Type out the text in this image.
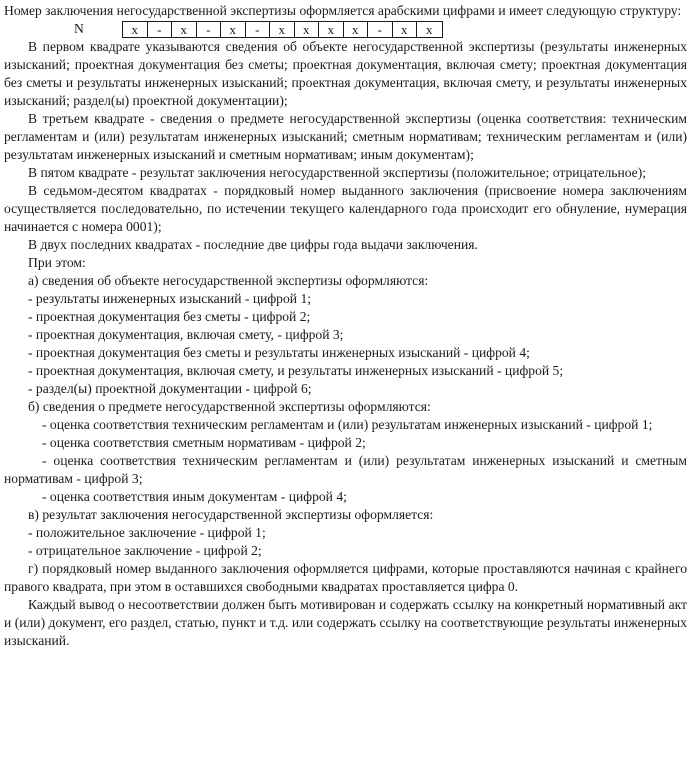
Номер заключения негосударственной экспертизы оформляется арабскими цифрами и имеет следующую структуру:

N	x	-	x	-	x	-	x	x	x	x	-	x	x

В первом квадрате указываются сведения об объекте негосударственной экспертизы (результаты инженерных изысканий; проектная документация без сметы; проектная документация, включая смету; проектная документация без сметы и результаты инженерных изысканий; проектная документация, включая смету, и результаты инженерных изысканий; раздел(ы) проектной документации);

В третьем квадрате - сведения о предмете негосударственной экспертизы (оценка соответствия: техническим регламентам и (или) результатам инженерных изысканий; сметным нормативам; техническим регламентам и (или) результатам инженерных изысканий и сметным нормативам; иным документам);

В пятом квадрате - результат заключения негосударственной экспертизы (положительное; отрицательное);

В седьмом-десятом квадратах - порядковый номер выданного заключения (присвоение номера заключениям осуществляется последовательно, по истечении текущего календарного года происходит его обнуление, нумерация начинается с номера 0001);

В двух последних квадратах - последние две цифры года выдачи заключения.

При этом:

а) сведения об объекте негосударственной экспертизы оформляются:

- результаты инженерных изысканий - цифрой 1;

- проектная документация без сметы - цифрой 2;

- проектная документация, включая смету, - цифрой 3;

- проектная документация без сметы и результаты инженерных изысканий - цифрой 4;

- проектная документация, включая смету, и результаты инженерных изысканий - цифрой 5;

- раздел(ы) проектной документации - цифрой 6;

б) сведения о предмете негосударственной экспертизы оформляются:

- оценка соответствия техническим регламентам и (или) результатам инженерных изысканий - цифрой 1;

- оценка соответствия сметным нормативам - цифрой 2;

- оценка соответствия техническим регламентам и (или) результатам инженерных изысканий и сметным нормативам - цифрой 3;

- оценка соответствия иным документам - цифрой 4;

в) результат заключения негосударственной экспертизы оформляется:

- положительное заключение - цифрой 1;

- отрицательное заключение - цифрой 2;

г) порядковый номер выданного заключения оформляется цифрами, которые проставляются начиная с крайнего правого квадрата, при этом в оставшихся свободными квадратах проставляется цифра 0.

Каждый вывод о несоответствии должен быть мотивирован и содержать ссылку на конкретный нормативный акт и (или) документ, его раздел, статью, пункт и т.д. или содержать ссылку на соответствующие результаты инженерных изысканий.
